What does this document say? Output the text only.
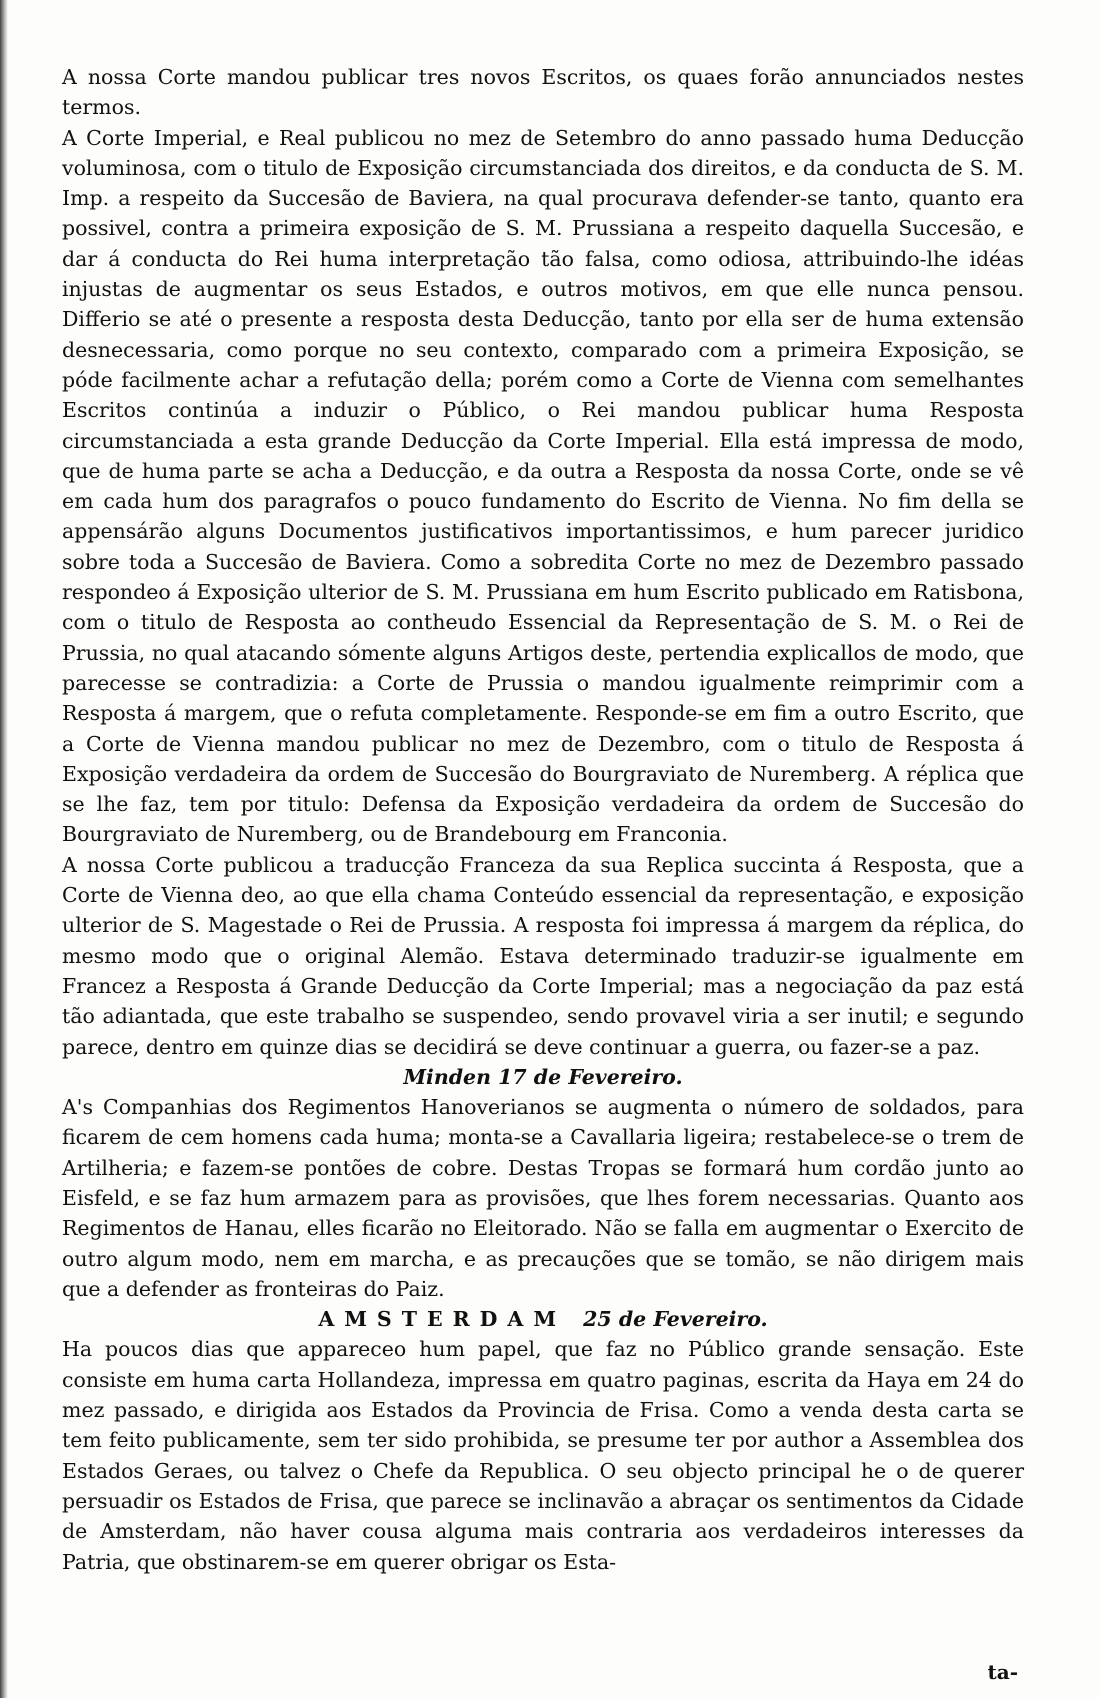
A nossa Corte mandou publicar tres novos Escritos, os quaes forão annunciados nestes termos.

A Corte Imperial, e Real publicou no mez de Setembro do anno passado huma Deducção voluminosa, com o titulo de Exposição circumstanciada dos direitos, e da conducta de S. M. Imp. a respeito da Succesão de Baviera, na qual procurava defender-se tanto, quanto era possivel, contra a primeira exposição de S. M. Prussiana a respeito daquella Succesão, e dar á conducta do Rei huma interpretação tão falsa, como odiosa, attribuindo-lhe idéas injustas de augmentar os seus Estados, e outros motivos, em que elle nunca pensou. Differio se até o presente a resposta desta Deducção, tanto por ella ser de huma extensão desnecessaria, como porque no seu contexto, comparado com a primeira Exposição, se póde facilmente achar a refutação della; porém como a Corte de Vienna com semelhantes Escritos continúa a induzir o Público, o Rei mandou publicar huma Resposta circumstanciada a esta grande Deducção da Corte Imperial. Ella está impressa de modo, que de huma parte se acha a Deducção, e da outra a Resposta da nossa Corte, onde se vê em cada hum dos paragrafos o pouco fundamento do Escrito de Vienna. No fim della se appensárão alguns Documentos justificativos importantissimos, e hum parecer juridico sobre toda a Succesão de Baviera. Como a sobredita Corte no mez de Dezembro passado respondeo á Exposição ulterior de S. M. Prussiana em hum Escrito publicado em Ratisbona, com o titulo de Resposta ao contheudo Essencial da Representação de S. M. o Rei de Prussia, no qual atacando sómente alguns Artigos deste, pertendia explicallos de modo, que parecesse se contradizia: a Corte de Prussia o mandou igualmente reimprimir com a Resposta á margem, que o refuta completamente. Responde-se em fim a outro Escrito, que a Corte de Vienna mandou publicar no mez de Dezembro, com o titulo de Resposta á Exposição verdadeira da ordem de Succesão do Bourgraviato de Nuremberg. A réplica que se lhe faz, tem por titulo: Defensa da Exposição verdadeira da ordem de Succesão do Bourgraviato de Nuremberg, ou de Brandebourg em Franconia.

A nossa Corte publicou a traducção Franceza da sua Replica succinta á Resposta, que a Corte de Vienna deo, ao que ella chama Conteúdo essencial da representação, e exposição ulterior de S. Magestade o Rei de Prussia. A resposta foi impressa á margem da réplica, do mesmo modo que o original Alemão. Estava determinado traduzir-se igualmente em Francez a Resposta á Grande Deducção da Corte Imperial; mas a negociação da paz está tão adiantada, que este trabalho se suspendeo, sendo provavel viria a ser inutil; e segundo parece, dentro em quinze dias se decidirá se deve continuar a guerra, ou fazer-se a paz.

Minden 17 de Fevereiro.

A's Companhias dos Regimentos Hanoverianos se augmenta o número de soldados, para ficarem de cem homens cada huma; monta-se a Cavallaria ligeira; restabelece-se o trem de Artilheria; e fazem-se pontões de cobre. Destas Tropas se formará hum cordão junto ao Eisfeld, e se faz hum armazem para as provisões, que lhes forem necessarias. Quanto aos Regimentos de Hanau, elles ficarão no Eleitorado. Não se falla em augmentar o Exercito de outro algum modo, nem em marcha, e as precauções que se tomão, se não dirigem mais que a defender as fronteiras do Paiz.

AMSTERDAM 25 de Fevereiro.

Ha poucos dias que appareceo hum papel, que faz no Público grande sensação. Este consiste em huma carta Hollandeza, impressa em quatro paginas, escrita da Haya em 24 do mez passado, e dirigida aos Estados da Provincia de Frisa. Como a venda desta carta se tem feito publicamente, sem ter sido prohibida, se presume ter por author a Assemblea dos Estados Geraes, ou talvez o Chefe da Republica. O seu objecto principal he o de querer persuadir os Estados de Frisa, que parece se inclinavão a abraçar os sentimentos da Cidade de Amsterdam, não haver cousa alguma mais contraria aos verdadeiros interesses da Patria, que obstinarem-se em querer obrigar os Esta-

ta-
